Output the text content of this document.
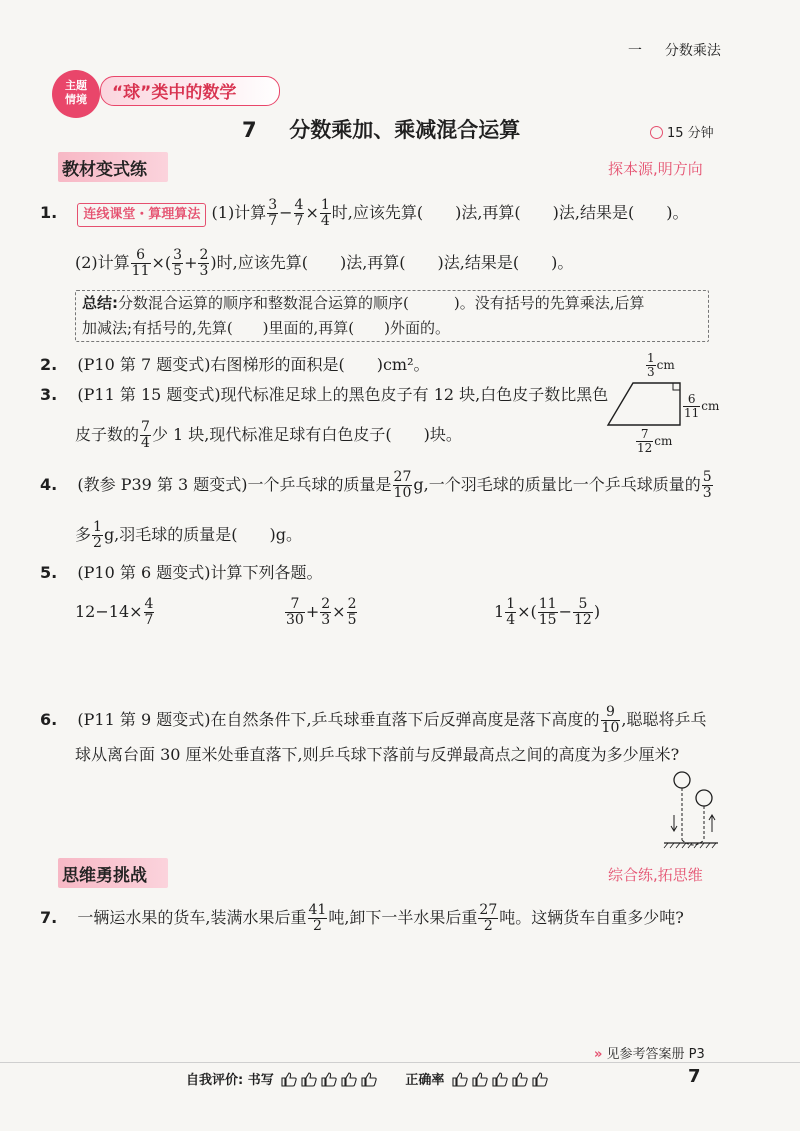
一 分数乘法
主题
情境	“球”类中的数学
7 分数乘加、乘减混合运算	15 分钟
教材变式练	探本源,明方向
1. 连线课堂・算理算法 (1)计算 $\frac{3}{7} - \frac{4}{7} \times \frac{1}{4}$ 时,应该先算(　　)法,再算(　　)法,结果是(　　)。
(2)计算 $\frac{6}{11}$ ×( $\frac{3}{5} + \frac{2}{3}$ )时,应该先算(　　)法,再算(　　)法,结果是(　　)。
总结:分数混合运算的顺序和整数混合运算的顺序(　　　)。没有括号的先算乘法,后算
加减法;有括号的,先算(　　)里面的,再算(　　)外面的。
2. (P10 第 7 题变式)右图梯形的面积是(　　)cm²。	$\frac{1}{3}$ cm
$\frac{6}{11}$ cm
$\frac{7}{12}$ cm
3. (P11 第 15 题变式)现代标准足球上的黑色皮子有 12 块,白色皮子数比黑色
皮子数的 $\frac{7}{4}$ 少 1 块,现代标准足球有白色皮子(　　)块。
4. (教参 P39 第 3 题变式)一个乒乓球的质量是 $\frac{27}{10} g$,一个羽毛球的质量比一个乒乓球质量的 $\frac{5}{3}$
多 $\frac{1}{2} g$,羽毛球的质量是(　　)g。
5. (P10 第 6 题变式)计算下列各题。
$12-14\times \frac{4}{7}$	$\frac{7}{30} + \frac{2}{3} \times \frac{2}{5}$	$1 \frac{1}{4}$ ×( $\frac{11}{15} - \frac{5}{12}$ )
6. (P11 第 9 题变式)在自然条件下,乒乓球垂直落下后反弹高度是落下高度的 $\frac{9}{10}$ ,聪聪将乒乓
球从离台面 30 厘米处垂直落下,则乒乓球下落前与反弹最高点之间的高度为多少厘米?
思维勇挑战	综合练,拓思维
7. 一辆运水果的货车,装满水果后重 $\frac{41}{2}$ 吨,卸下一半水果后重 $\frac{27}{2}$ 吨。这辆货车自重多少吨?
» 见参考答案册 P3
自我评价: 书写	正确率	7
